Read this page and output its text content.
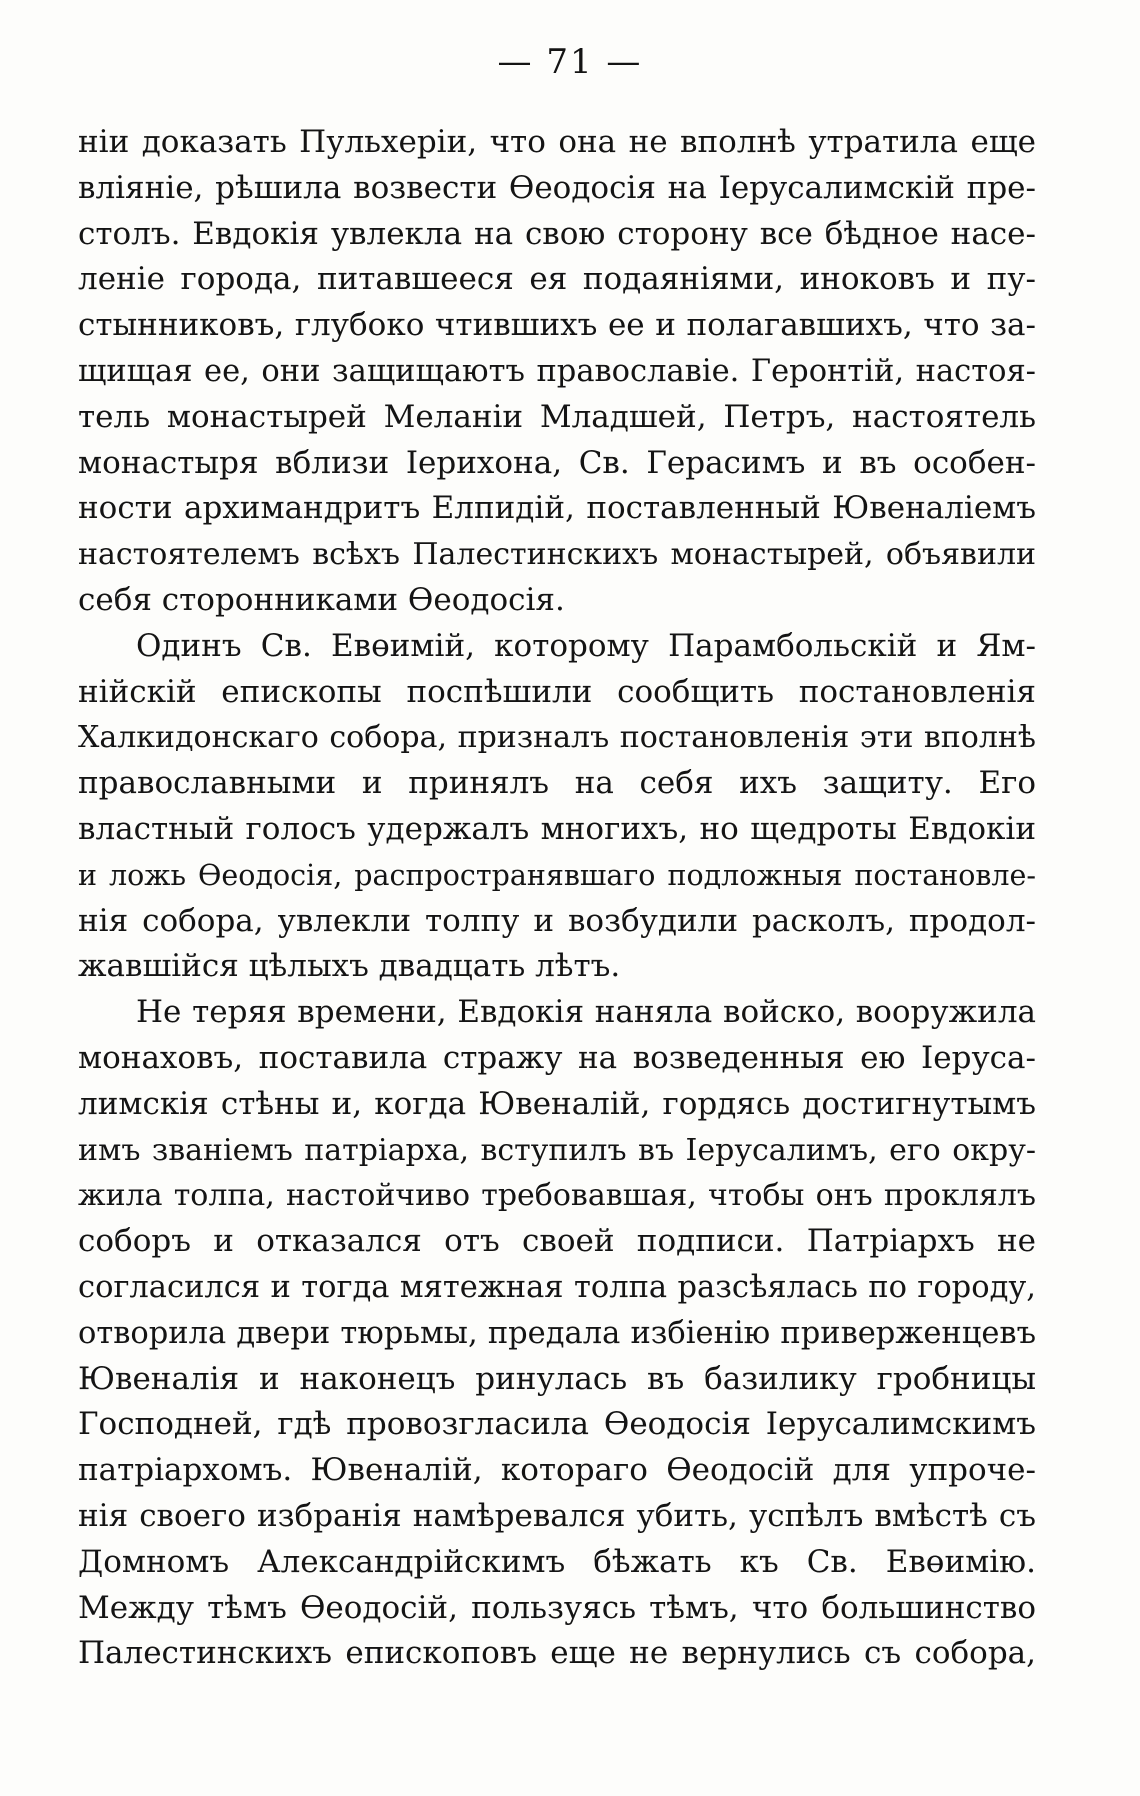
— 71 —
нiи доказать Пульхерiи, что она не вполнѣ утратила еще
влiянiе, рѣшила возвести Өеодосiя на Iерусалимскiй пре-
столъ. Евдокiя увлекла на свою сторону все бѣдное насе-
ленiе города, питавшееся ея подаянiями, иноковъ и пу-
стынниковъ, глубоко чтившихъ ее и полагавшихъ, что за-
щищая ее, они защищаютъ православiе. Геронтiй, настоя-
тель монастырей Меланiи Младшей, Петръ, настоятель
монастыря вблизи Iерихона, Св. Герасимъ и въ особен-
ности архимандритъ Елпидiй, поставленный Ювеналiемъ
настоятелемъ всѣхъ Палестинскихъ монастырей, объявили
себя сторонниками Өеодосiя.
Одинъ Св. Евөимiй, которому Парамбольскiй и Ям-
нiйскiй епископы поспѣшили сообщить постановленiя
Халкидонскаго собора, призналъ постановленiя эти вполнѣ
православными и принялъ на себя ихъ защиту. Его
властный голосъ удержалъ многихъ, но щедроты Евдокiи
и ложь Өеодосiя, распространявшаго подложныя постановле-
нiя собора, увлекли толпу и возбудили расколъ, продол-
жавшiйся цѣлыхъ двадцать лѣтъ.
Не теряя времени, Евдокiя наняла войско, вооружила
монаховъ, поставила стражу на возведенныя ею Iеруса-
лимскiя стѣны и, когда Ювеналiй, гордясь достигнутымъ
имъ званiемъ патрiарха, вступилъ въ Iерусалимъ, его окру-
жила толпа, настойчиво требовавшая, чтобы онъ проклялъ
соборъ и отказался отъ своей подписи. Патрiархъ не
согласился и тогда мятежная толпа разсѣялась по городу,
отворила двери тюрьмы, предала избiенiю приверженцевъ
Ювеналiя и наконецъ ринулась въ базилику гробницы
Господней, гдѣ провозгласила Өеодосiя Iерусалимскимъ
патрiархомъ. Ювеналiй, котораго Өеодосiй для упроче-
нiя своего избранiя намѣревался убить, успѣлъ вмѣстѣ съ
Домномъ Александрiйскимъ бѣжать къ Св. Евөимiю.
Между тѣмъ Өеодосiй, пользуясь тѣмъ, что большинство
Палестинскихъ епископовъ еще не вернулись съ собора,
